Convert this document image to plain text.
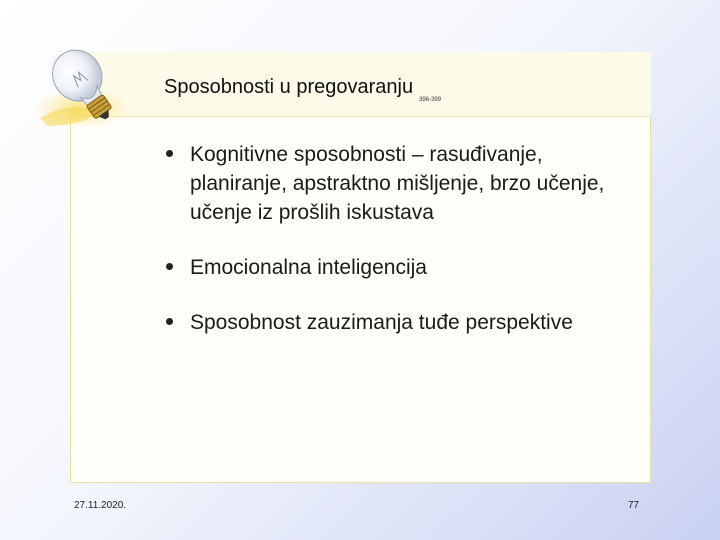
Sposobnosti u pregovaranju$_{396-399}$
Kognitivne sposobnosti – rasuđivanje, planiranje, apstraktno mišljenje, brzo učenje, učenje iz prošlih iskustava
Emocionalna inteligencija
Sposobnost zauzimanja tuđe perspektive
27.11.2020.	77
